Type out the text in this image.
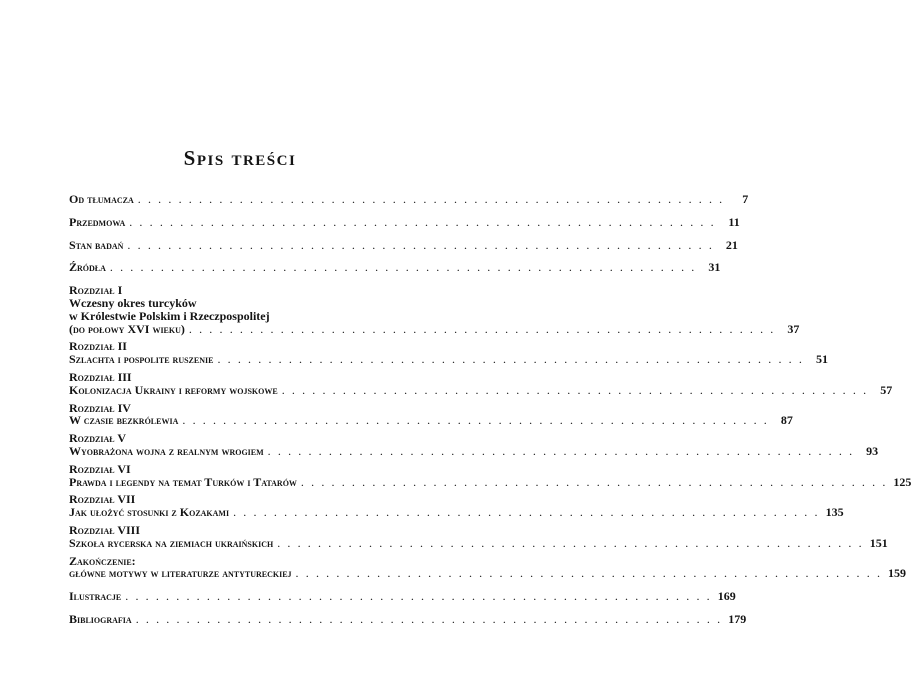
Spis treści
Od tłumacza . . . . . . . . . . . . . . . . . . . . . . . . . . . . . . . . . . . . . . . . . . . . . . . . . . . . . . . . . .	7
Przedmowa . . . . . . . . . . . . . . . . . . . . . . . . . . . . . . . . . . . . . . . . . . . . . . . . . . . . . . . . . .	11
Stan badań . . . . . . . . . . . . . . . . . . . . . . . . . . . . . . . . . . . . . . . . . . . . . . . . . . . . . . . . . .	21
Źródła . . . . . . . . . . . . . . . . . . . . . . . . . . . . . . . . . . . . . . . . . . . . . . . . . . . . . . . . . .	31
Rozdział I
Wczesny okres turcyków
w Królestwie Polskim i Rzeczpospolitej
(do połowy XVI wieku) . . . . . . . . . . . . . . . . . . . . . . . . . . . . . . . . . . . . . . . . . . . . . . . . . . . . . . . . . .	37
Rozdział II
Szlachta i pospolite ruszenie . . . . . . . . . . . . . . . . . . . . . . . . . . . . . . . . . . . . . . . . . . . . . . . . . . . . . . . . . .	51
Rozdział III
Kolonizacja Ukrainy i reformy wojskowe . . . . . . . . . . . . . . . . . . . . . . . . . . . . . . . . . . . . . . . . . . . . . . . . . . . . . . . . . .	57
Rozdział IV
W czasie bezkrólewia . . . . . . . . . . . . . . . . . . . . . . . . . . . . . . . . . . . . . . . . . . . . . . . . . . . . . . . . . .	87
Rozdział V
Wyobrażona wojna z realnym wrogiem . . . . . . . . . . . . . . . . . . . . . . . . . . . . . . . . . . . . . . . . . . . . . . . . . . . . . . . . . .	93
Rozdział VI
Prawda i legendy na temat Turków i Tatarów . . . . . . . . . . . . . . . . . . . . . . . . . . . . . . . . . . . . . . . . . . . . . . . . . . . . . . . . . . 125
Rozdział VII
Jak ułożyć stosunki z Kozakami . . . . . . . . . . . . . . . . . . . . . . . . . . . . . . . . . . . . . . . . . . . . . . . . . . . . . . . . . . 135
Rozdział VIII
Szkoła rycerska na ziemiach ukraińskich . . . . . . . . . . . . . . . . . . . . . . . . . . . . . . . . . . . . . . . . . . . . . . . . . . . . . . . . . . 151
Zakończenie:
główne motywy w literaturze antytureckiej . . . . . . . . . . . . . . . . . . . . . . . . . . . . . . . . . . . . . . . . . . . . . . . . . . . . . . . . . . 159
Ilustracje . . . . . . . . . . . . . . . . . . . . . . . . . . . . . . . . . . . . . . . . . . . . . . . . . . . . . . . . . . 169
Bibliografia . . . . . . . . . . . . . . . . . . . . . . . . . . . . . . . . . . . . . . . . . . . . . . . . . . . . . . . . . . 179
